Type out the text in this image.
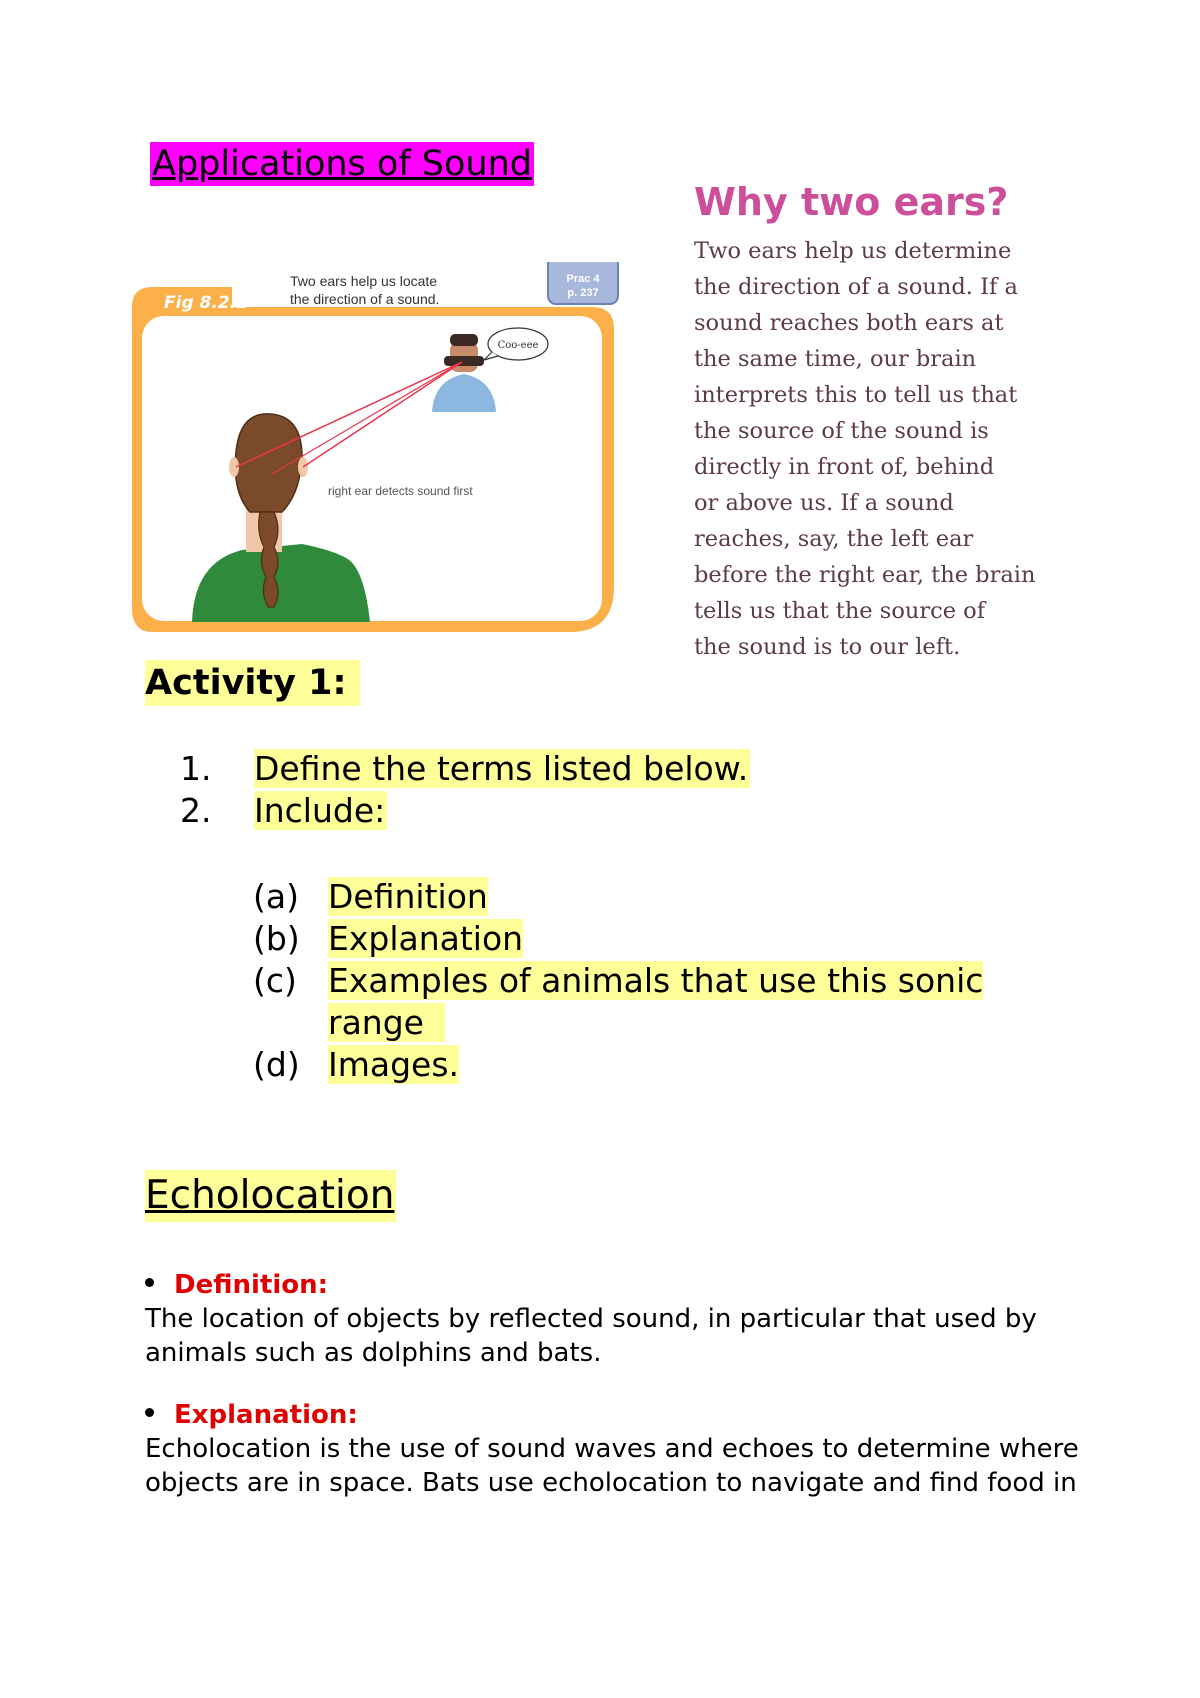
Applications of Sound
Fig 8.2.2
Two ears help us locate
the direction of a sound.
Prac 4
p. 237
Coo-eee
right ear detects sound first
Why two ears?
Two ears help us determine
the direction of a sound. If a
sound reaches both ears at
the same time, our brain
interprets this to tell us that
the source of the sound is
directly in front of, behind
or above us. If a sound
reaches, say, the left ear
before the right ear, the brain
tells us that the source of
the sound is to our left.
Activity 1:
1. Define the terms listed below.
2. Include:
(a) Definition
(b) Explanation
(c) Examples of animals that use this sonic
range
(d) Images.
Echolocation
Definition:
The location of objects by reflected sound, in particular that used by
animals such as dolphins and bats.
Explanation:
Echolocation is the use of sound waves and echoes to determine where
objects are in space. Bats use echolocation to navigate and find food in
